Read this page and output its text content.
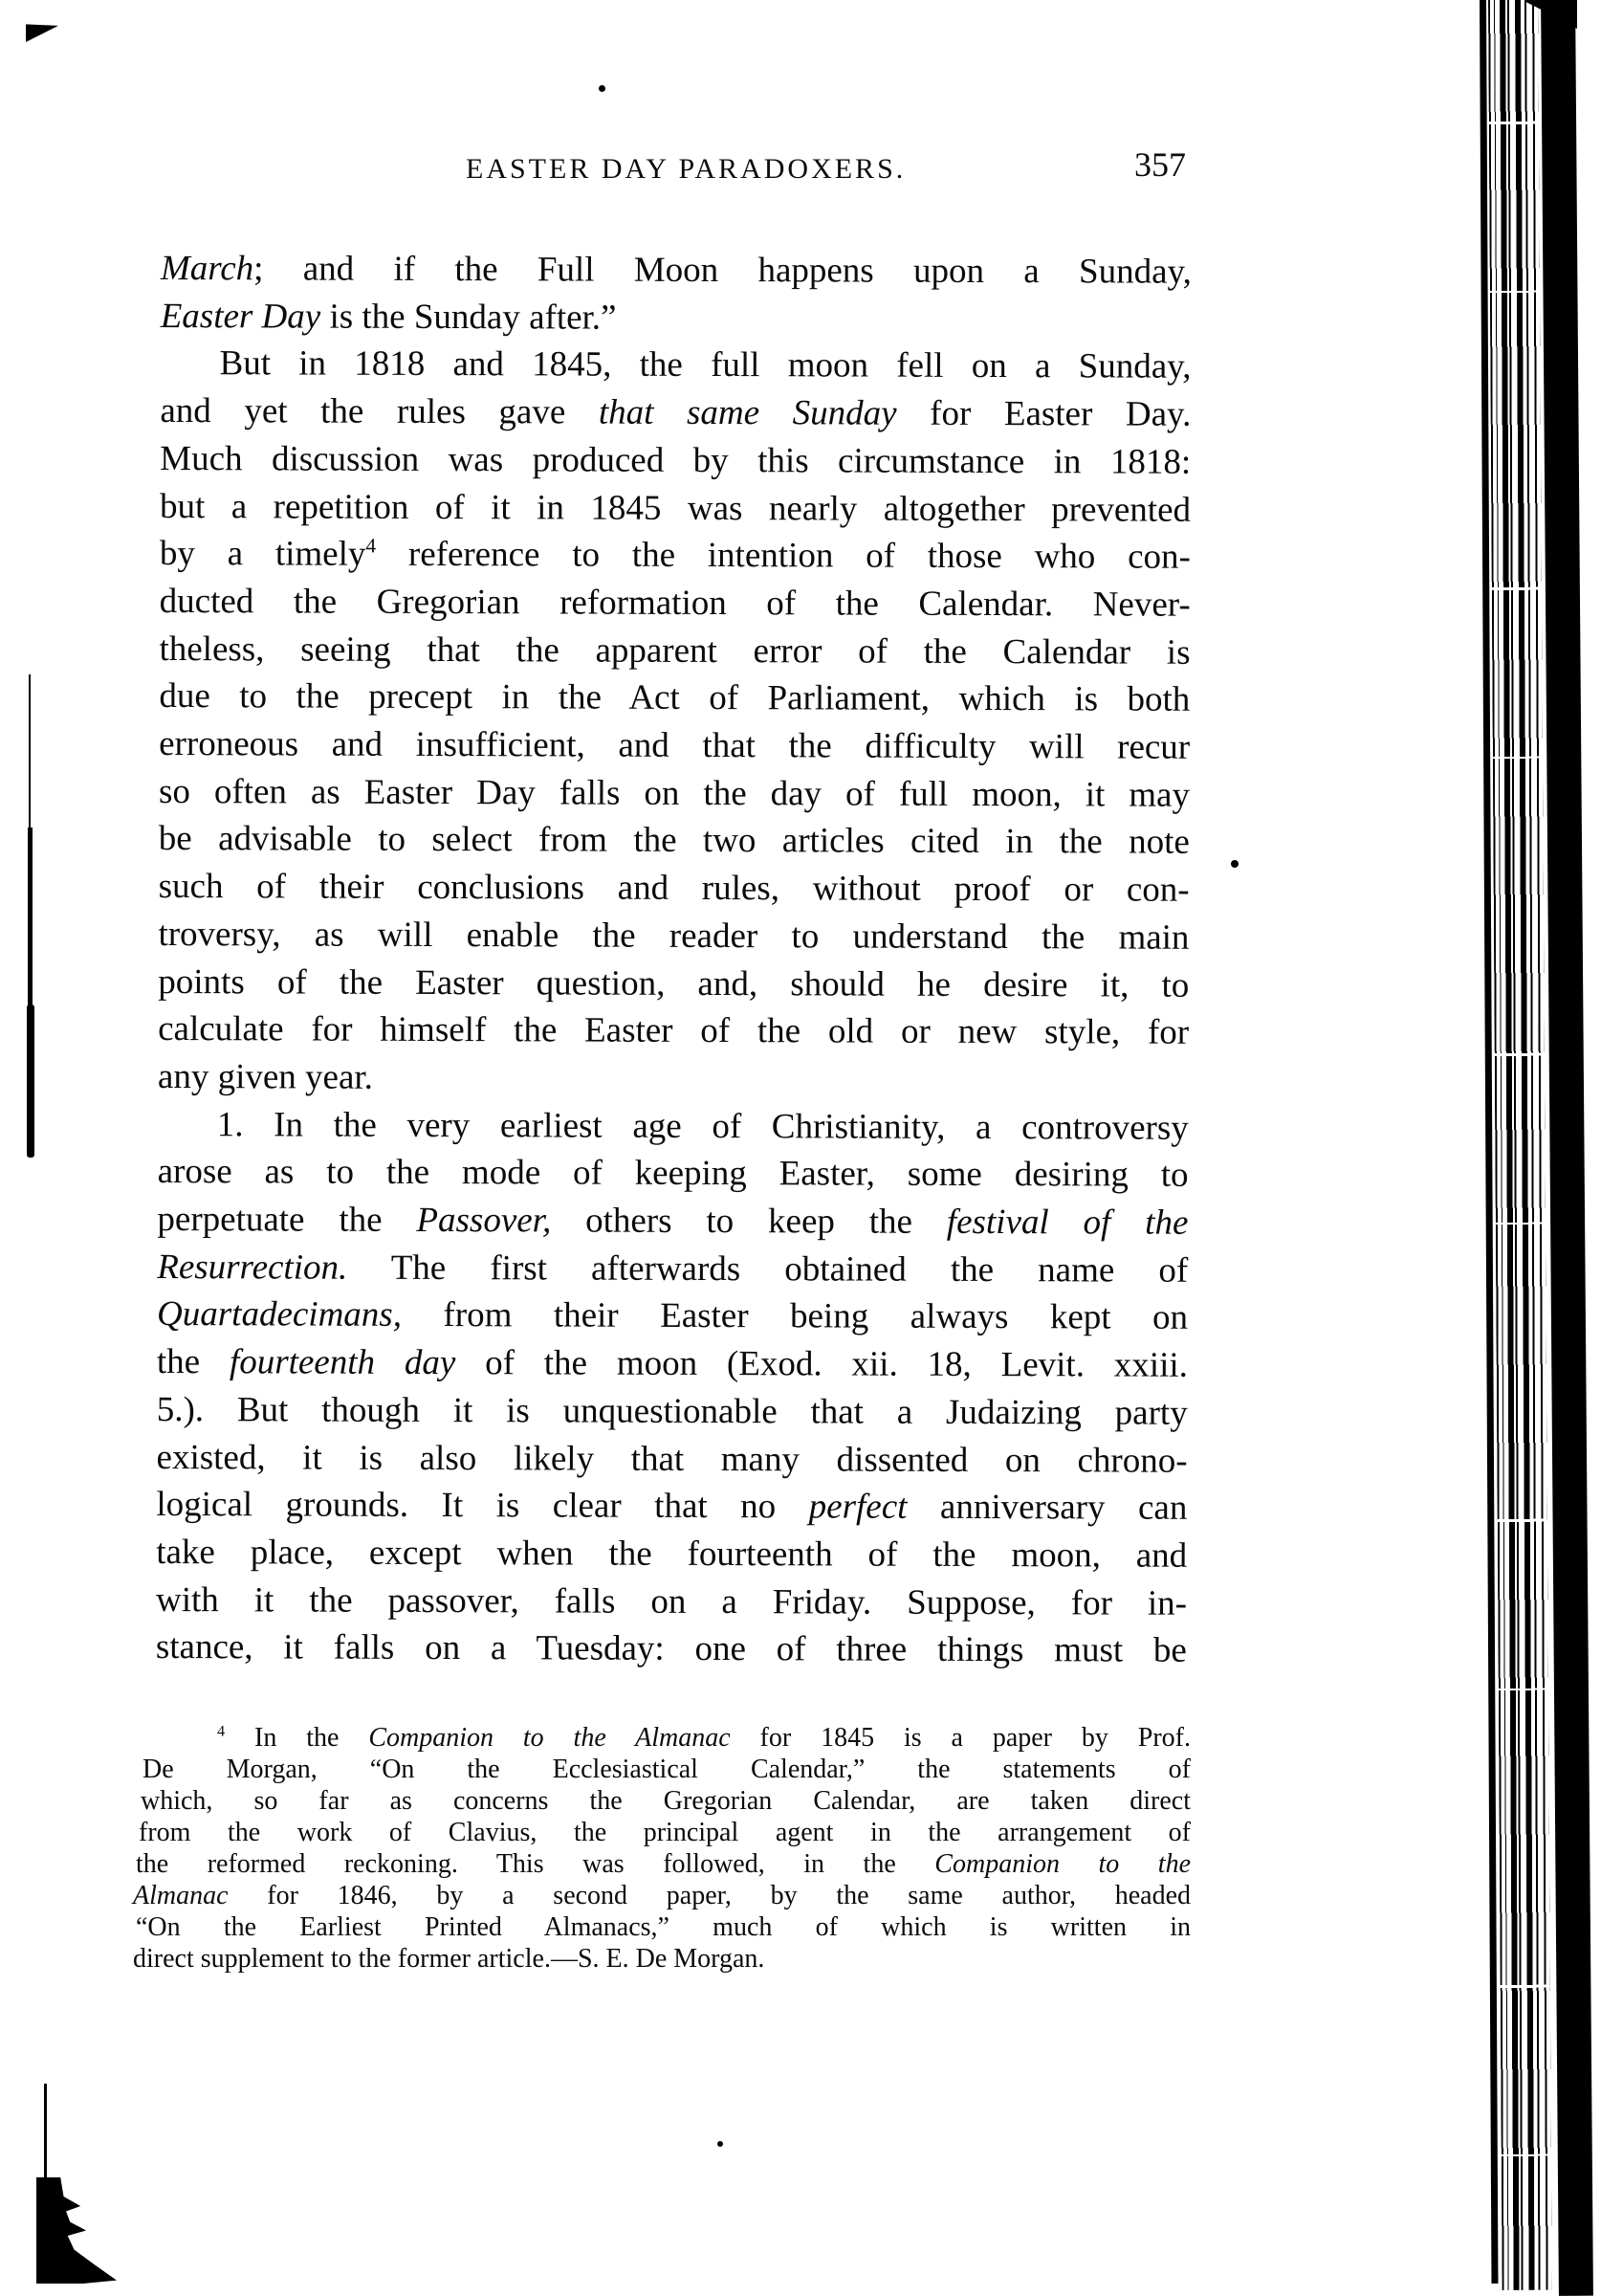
EASTER DAY PARADOXERS.	357
March; and if the Full Moon happens upon a Sunday,
Easter Day is the Sunday after.”
But in 1818 and 1845, the full moon fell on a Sunday,
and yet the rules gave that same Sunday for Easter Day.
Much discussion was produced by this circumstance in 1818:
but a repetition of it in 1845 was nearly altogether prevented
by a timely$^4$ reference to the intention of those who con-
ducted the Gregorian reformation of the Calendar. Never-
theless, seeing that the apparent error of the Calendar is
due to the precept in the Act of Parliament, which is both
erroneous and insufficient, and that the difficulty will recur
so often as Easter Day falls on the day of full moon, it may
be advisable to select from the two articles cited in the note
such of their conclusions and rules, without proof or con-
troversy, as will enable the reader to understand the main
points of the Easter question, and, should he desire it, to
calculate for himself the Easter of the old or new style, for
any given year.
1. In the very earliest age of Christianity, a controversy
arose as to the mode of keeping Easter, some desiring to
perpetuate the Passover, others to keep the festival of the
Resurrection. The first afterwards obtained the name of
Quartadecimans, from their Easter being always kept on
the fourteenth day of the moon (Exod. xii. 18, Levit. xxiii.
5.). But though it is unquestionable that a Judaizing party
existed, it is also likely that many dissented on chrono-
logical grounds. It is clear that no perfect anniversary can
take place, except when the fourteenth of the moon, and
with it the passover, falls on a Friday. Suppose, for in-
stance, it falls on a Tuesday: one of three things must be
$^4$ In the Companion to the Almanac for 1845 is a paper by Prof.
De Morgan, “On the Ecclesiastical Calendar,” the statements of
which, so far as concerns the Gregorian Calendar, are taken direct
from the work of Clavius, the principal agent in the arrangement of
the reformed reckoning. This was followed, in the Companion to the
Almanac for 1846, by a second paper, by the same author, headed
“On the Earliest Printed Almanacs,” much of which is written in
direct supplement to the former article.—S. E. De Morgan.
